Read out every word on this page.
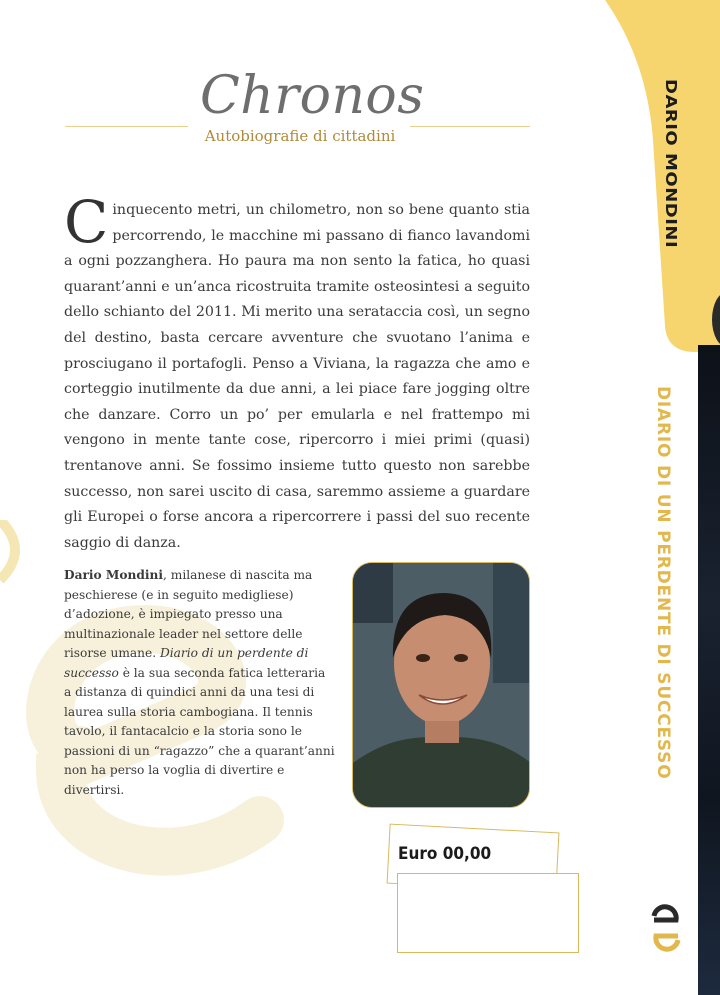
DARIO MONDINI
DIARIO DI UN PERDENTE DI SUCCESSO
Chronos
Autobiografie di cittadini
Cinquecento metri, un chilometro, non so bene quanto stia percorrendo, le macchine mi passano di fianco lavandomi a ogni pozzanghera. Ho paura ma non sento la fatica, ho quasi quarant’anni e un’anca ricostruita tramite osteosintesi a seguito dello schianto del 2011. Mi merito una serataccia così, un segno del destino, basta cercare avventure che svuotano l’anima e prosciugano il portafogli. Penso a Viviana, la ragazza che amo e corteggio inutilmente da due anni, a lei piace fare jogging oltre che danzare. Corro un po’ per emularla e nel frattempo mi vengono in mente tante cose, ripercorro i miei primi (quasi) trentanove anni. Se fossimo insieme tutto questo non sarebbe successo, non sarei uscito di casa, saremmo assieme a guardare gli Europei o forse ancora a ripercorrere i passi del suo recente saggio di danza.
Dario Mondini, milanese di nascita ma peschierese (e in seguito medigliese) d’adozione, è impiegato presso una multinazionale leader nel settore delle risorse umane. Diario di un perdente di successo è la sua seconda fatica letteraria a distanza di quindici anni da una tesi di laurea sulla storia cambogiana. Il tennis tavolo, il fantacalcio e la storia sono le passioni di un “ragazzo” che a quarant’anni non ha perso la voglia di divertire e divertirsi.
Euro 00,00
